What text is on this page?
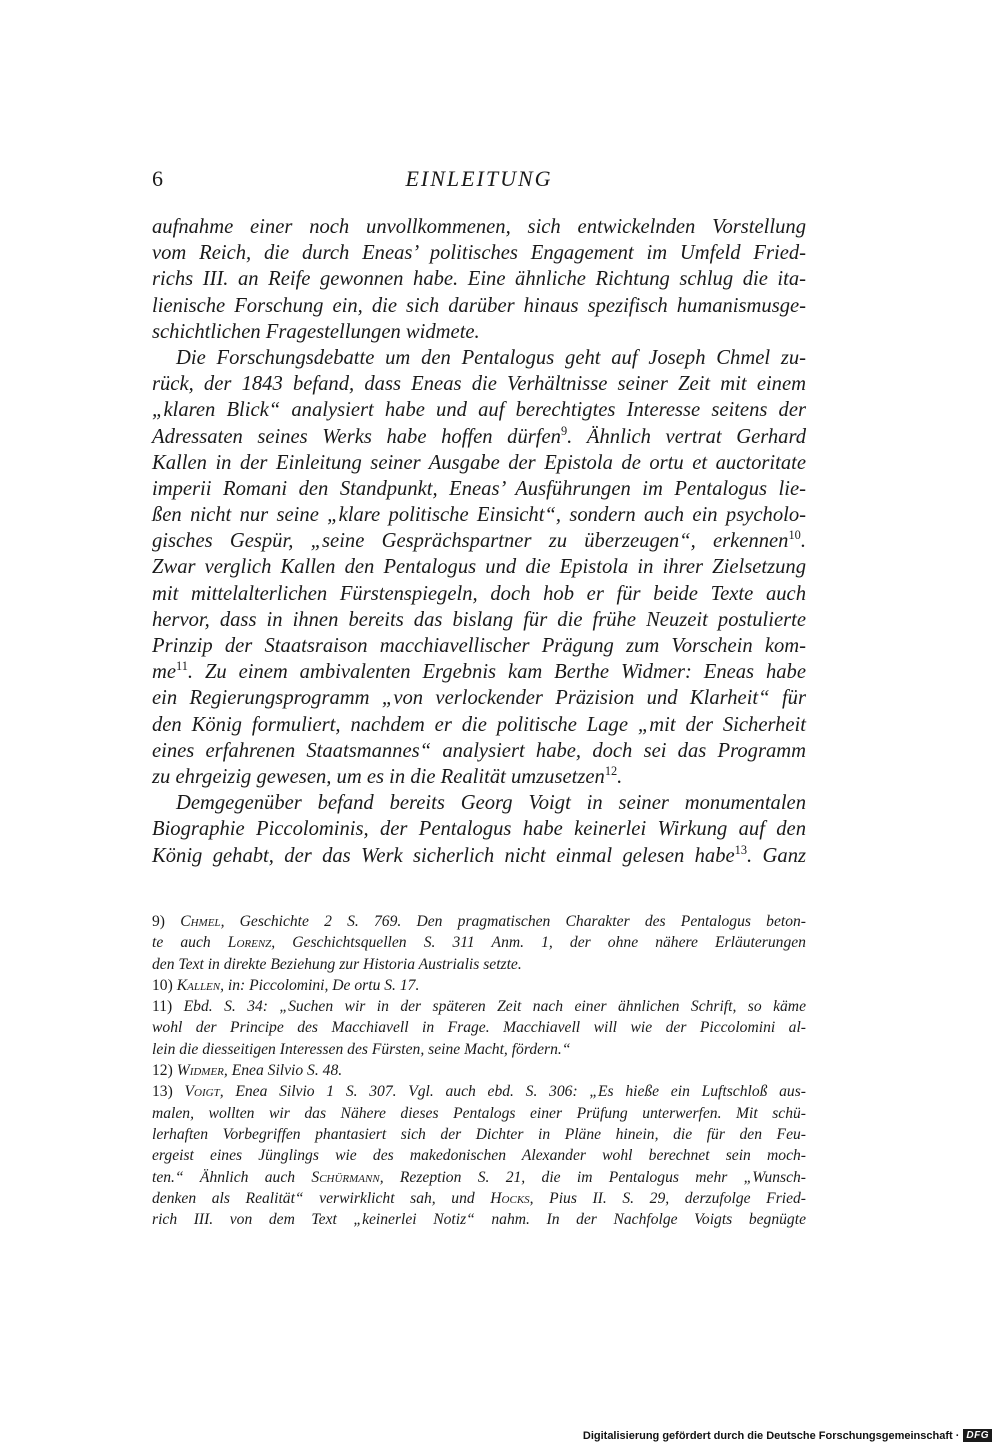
6	EINLEITUNG
aufnahme einer noch unvollkommenen, sich entwickelnden Vorstellung
vom Reich, die durch Eneas’ politisches Engagement im Umfeld Fried-
richs III. an Reife gewonnen habe. Eine ähnliche Richtung schlug die ita-
lienische Forschung ein, die sich darüber hinaus spezifisch humanismusge-
schichtlichen Fragestellungen widmete.
Die Forschungsdebatte um den Pentalogus geht auf Joseph Chmel zu-
rück, der 1843 befand, dass Eneas die Verhältnisse seiner Zeit mit einem
„klaren Blick“ analysiert habe und auf berechtigtes Interesse seitens der
Adressaten seines Werks habe hoffen dürfen$^9$. Ähnlich vertrat Gerhard
Kallen in der Einleitung seiner Ausgabe der Epistola de ortu et auctoritate
imperii Romani den Standpunkt, Eneas’ Ausführungen im Pentalogus lie-
ßen nicht nur seine „klare politische Einsicht“, sondern auch ein psycholo-
gisches Gespür, „seine Gesprächspartner zu überzeugen“, erkennen$^{10}$.
Zwar verglich Kallen den Pentalogus und die Epistola in ihrer Zielsetzung
mit mittelalterlichen Fürstenspiegeln, doch hob er für beide Texte auch
hervor, dass in ihnen bereits das bislang für die frühe Neuzeit postulierte
Prinzip der Staatsraison macchiavellischer Prägung zum Vorschein kom-
$me^{11}$. Zu einem ambivalenten Ergebnis kam Berthe Widmer: Eneas habe
ein Regierungsprogramm „von verlockender Präzision und Klarheit“ für
den König formuliert, nachdem er die politische Lage „mit der Sicherheit
eines erfahrenen Staatsmannes“ analysiert habe, doch sei das Programm
zu ehrgeizig gewesen, um es in die Realität umzusetzen$^{12}$.
Demgegenüber befand bereits Georg Voigt in seiner monumentalen
Biographie Piccolominis, der Pentalogus habe keinerlei Wirkung auf den
König gehabt, der das Werk sicherlich nicht einmal gelesen habe$^{13}$. Ganz
9) Chmel, Geschichte 2 S. 769. Den pragmatischen Charakter des Pentalogus beton-
te auch Lorenz, Geschichtsquellen S. 311 Anm. 1, der ohne nähere Erläuterungen
den Text in direkte Beziehung zur Historia Austrialis setzte.
10) Kallen, in: Piccolomini, De ortu S. 17.
11) Ebd. S. 34: „Suchen wir in der späteren Zeit nach einer ähnlichen Schrift, so käme
wohl der Principe des Macchiavell in Frage. Macchiavell will wie der Piccolomini al-
lein die diesseitigen Interessen des Fürsten, seine Macht, fördern.“
12) Widmer, Enea Silvio S. 48.
13) Voigt, Enea Silvio 1 S. 307. Vgl. auch ebd. S. 306: „Es hieße ein Luftschloß aus-
malen, wollten wir das Nähere dieses Pentalogs einer Prüfung unterwerfen. Mit schü-
lerhaften Vorbegriffen phantasiert sich der Dichter in Pläne hinein, die für den Feu-
ergeist eines Jünglings wie des makedonischen Alexander wohl berechnet sein moch-
ten.“ Ähnlich auch Schürmann, Rezeption S. 21, die im Pentalogus mehr „Wunsch-
denken als Realität“ verwirklicht sah, und Hocks, Pius II. S. 29, derzufolge Fried-
rich III. von dem Text „keinerlei Notiz“ nahm. In der Nachfolge Voigts begnügte
Digitalisierung gefördert durch die Deutsche Forschungsgemeinschaft · DFG
